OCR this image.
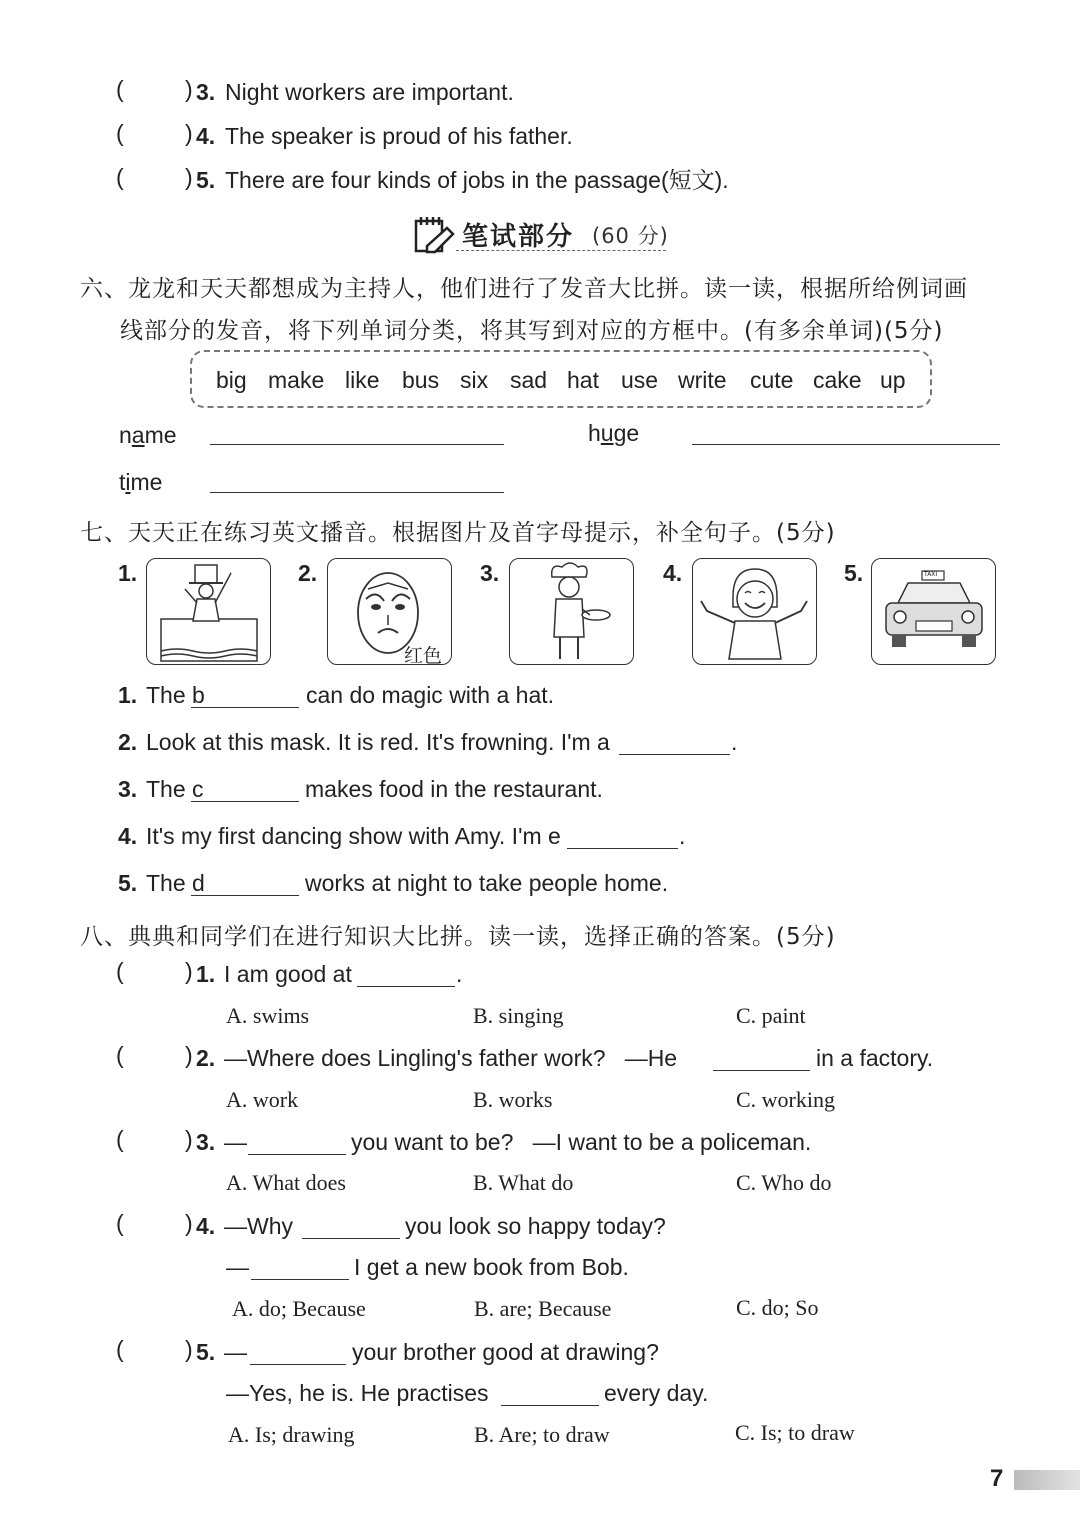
(	) 3. Night workers are important.
(	) 4. The speaker is proud of his father.
(	) 5. There are four kinds of jobs in the passage(短文).
笔试部分 (60 分)
六、龙龙和天天都想成为主持人，他们进行了发音大比拼。读一读，根据所给例词画
线部分的发音，将下列单词分类，将其写到对应的方框中。(有多余单词)(5分)
big make like bus six sad hat use write cute cake up
name	huge
time
七、天天正在练习英文播音。根据图片及首字母提示，补全句子。(5分)
1.	2.
红色
3.	4.	5.	TAXI
1. The b	can do magic with a hat.
2. Look at this mask. It is red. It's frowning. I'm a	.
3. The c	makes food in the restaurant.
4. It's my first dancing show with Amy. I'm e	.
5. The d	works at night to take people home.
八、典典和同学们在进行知识大比拼。读一读，选择正确的答案。(5分)
(	) 1. I am good at	.
A. swims	B. singing	C. paint
(	) 2. —Where does Lingling's father work?   —He	in a factory.
A. work	B. works	C. working
(	) 3. —	you want to be?   —I want to be a policeman.
A. What does	B. What do	C. Who do
(	) 4. —Why	you look so happy today?
—	I get a new book from Bob.
A. do; Because	B. are; Because	C. do; So
(	) 5. —	your brother good at drawing?
—Yes, he is. He practises	every day.
A. Is; drawing	B. Are; to draw	C. Is; to draw
7
